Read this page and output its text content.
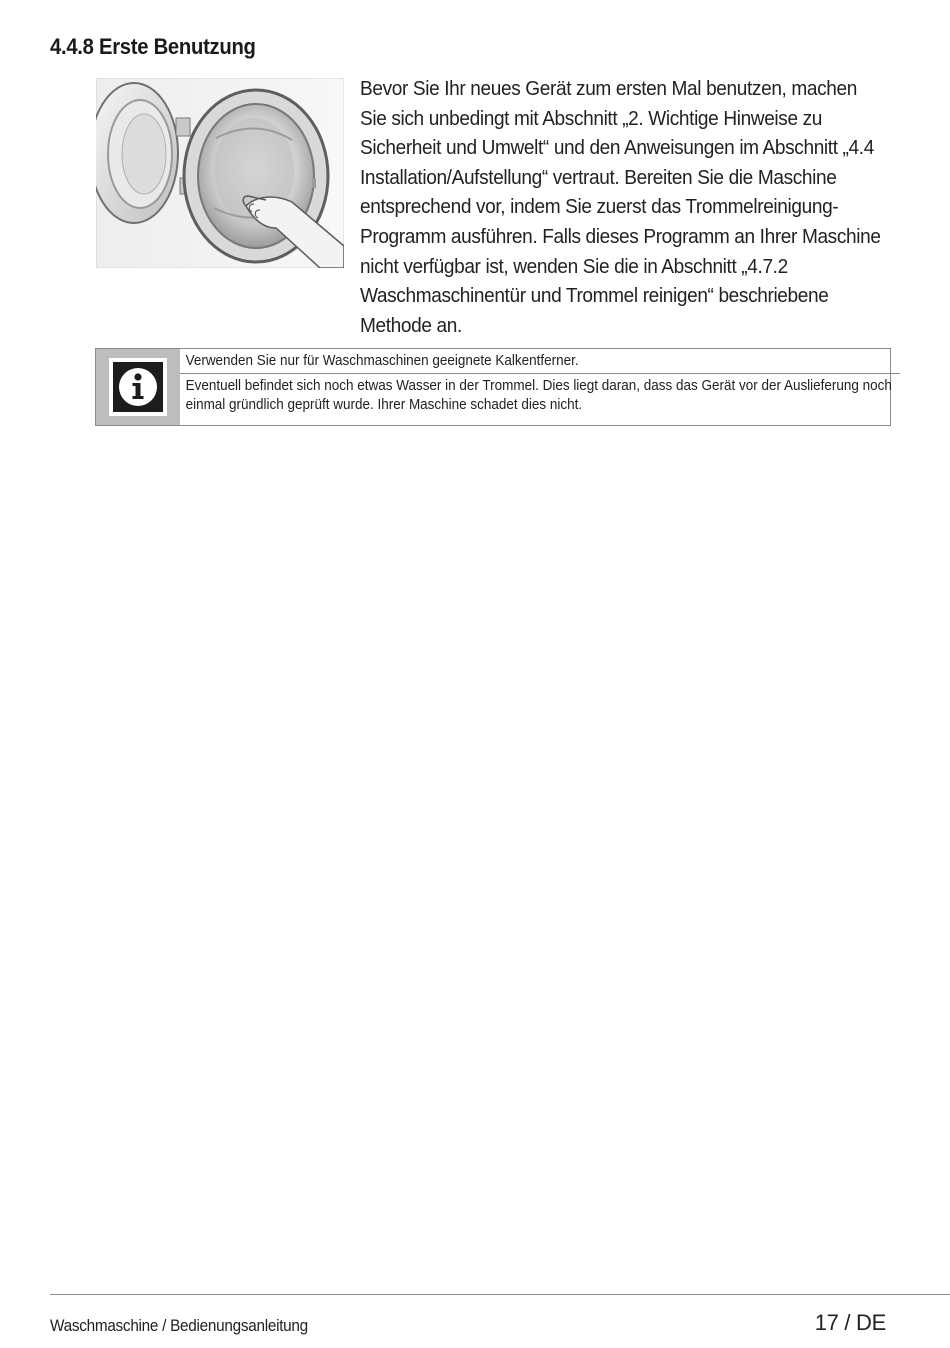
4.4.8 Erste Benutzung

Bevor Sie Ihr neues Gerät zum ersten Mal benutzen, machen Sie sich unbedingt mit Abschnitt „2. Wichtige Hinweise zu Sicherheit und Umwelt“ und den Anweisungen im Abschnitt „4.4 Installation/Aufstellung“ vertraut. Bereiten Sie die Maschine entsprechend vor, indem Sie zuerst das Trommelreinigung-Programm ausführen. Falls dieses Programm an Ihrer Maschine nicht verfügbar ist, wenden Sie die in Abschnitt „4.7.2 Waschmaschinentür und Trommel reinigen“ beschriebene Methode an.

Verwenden Sie nur für Waschmaschinen geeignete Kalkentferner.
Eventuell befindet sich noch etwas Wasser in der Trommel. Dies liegt daran, dass das Gerät vor der Auslieferung noch einmal gründlich geprüft wurde. Ihrer Maschine schadet dies nicht.
Waschmaschine / Bedienungsanleitung	17 / DE
